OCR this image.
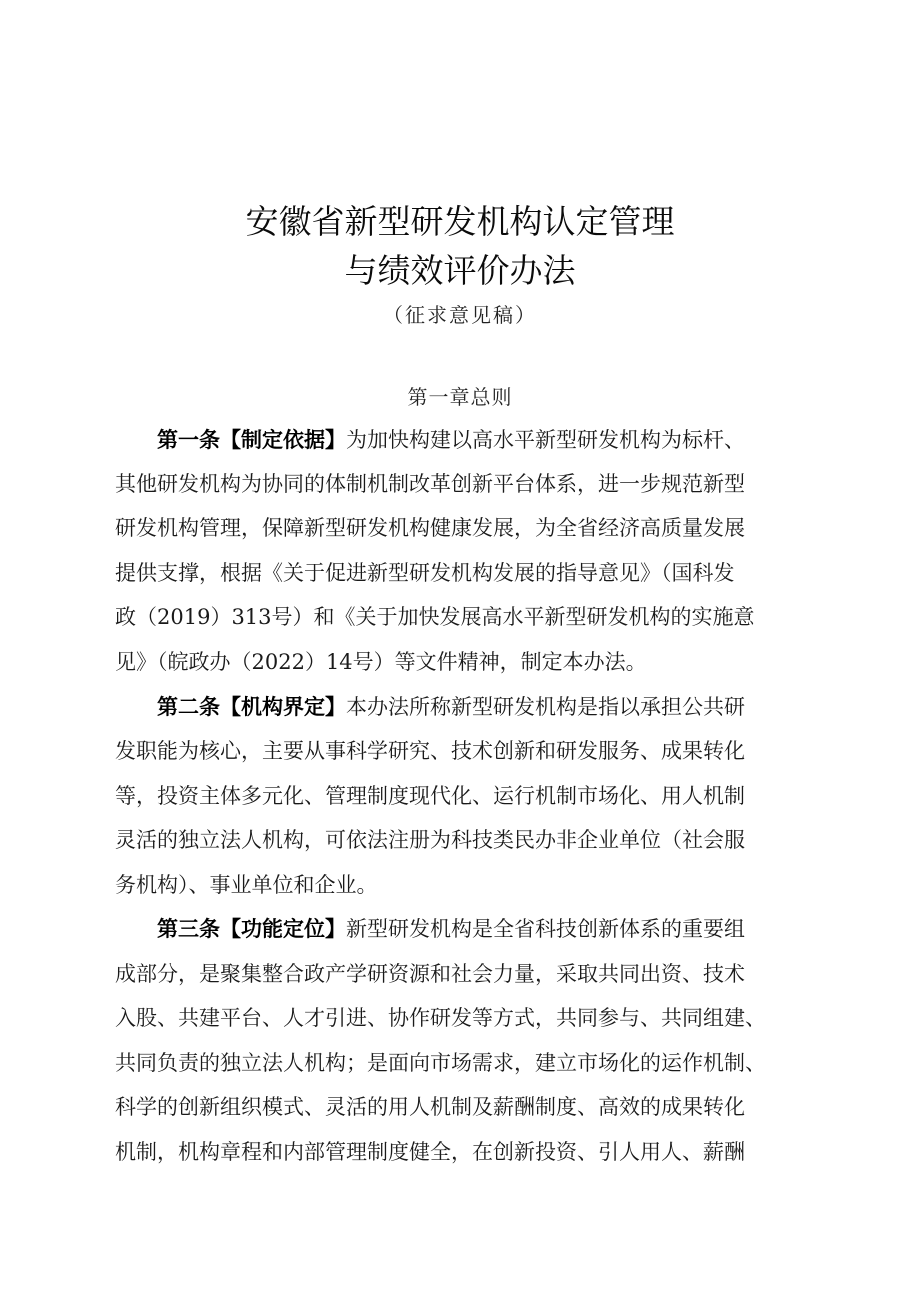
安徽省新型研发机构认定管理
与绩效评价办法
（征求意见稿）
第一章总则
第一条【制定依据】为加快构建以高水平新型研发机构为标杆、
其他研发机构为协同的体制机制改革创新平台体系，进一步规范新型
研发机构管理，保障新型研发机构健康发展，为全省经济高质量发展
提供支撑，根据《关于促进新型研发机构发展的指导意见》（国科发
政（2019）313号）和《关于加快发展高水平新型研发机构的实施意
见》（皖政办（2022）14号）等文件精神，制定本办法。
第二条【机构界定】本办法所称新型研发机构是指以承担公共研
发职能为核心，主要从事科学研究、技术创新和研发服务、成果转化
等，投资主体多元化、管理制度现代化、运行机制市场化、用人机制
灵活的独立法人机构，可依法注册为科技类民办非企业单位（社会服
务机构）、事业单位和企业。
第三条【功能定位】新型研发机构是全省科技创新体系的重要组
成部分，是聚集整合政产学研资源和社会力量，采取共同出资、技术
入股、共建平台、人才引进、协作研发等方式，共同参与、共同组建、
共同负责的独立法人机构；是面向市场需求，建立市场化的运作机制、
科学的创新组织模式、灵活的用人机制及薪酬制度、高效的成果转化
机制，机构章程和内部管理制度健全，在创新投资、引人用人、薪酬
